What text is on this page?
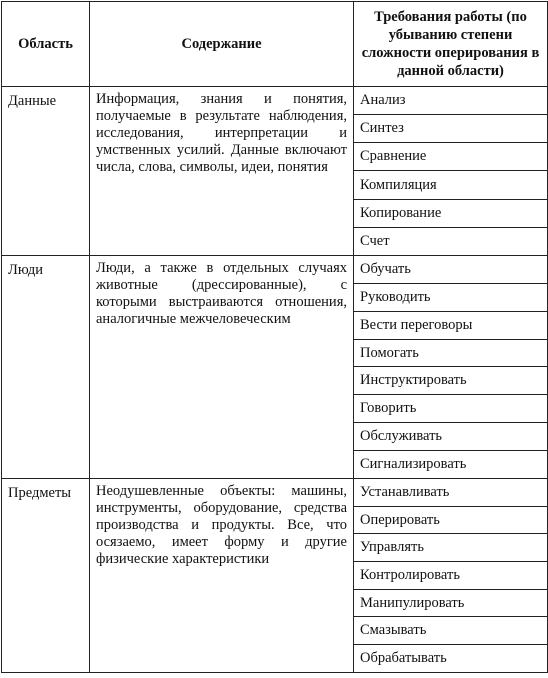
Область	Содержание	Требования работы (по убыванию степени сложности оперирования в данной области)
Данные	Информация, знания и понятия, получаемые в результате наблюдения, исследования, интерпретации и умственных усилий. Данные включают числа, слова, символы, идеи, понятия	Анализ
		Синтез
		Сравнение
		Компиляция
		Копирование
		Счет
Люди	Люди, а также в отдельных случаях животные (дрессированные), с которыми выстраиваются отношения, аналогичные межчеловеческим	Обучать
		Руководить
		Вести переговоры
		Помогать
		Инструктировать
		Говорить
		Обслуживать
		Сигнализировать
Предметы	Неодушевленные объекты: машины, инструменты, оборудование, средства производства и продукты. Все, что осязаемо, имеет форму и другие физические характеристики	Устанавливать
		Оперировать
		Управлять
		Контролировать
		Манипулировать
		Смазывать
		Обрабатывать
